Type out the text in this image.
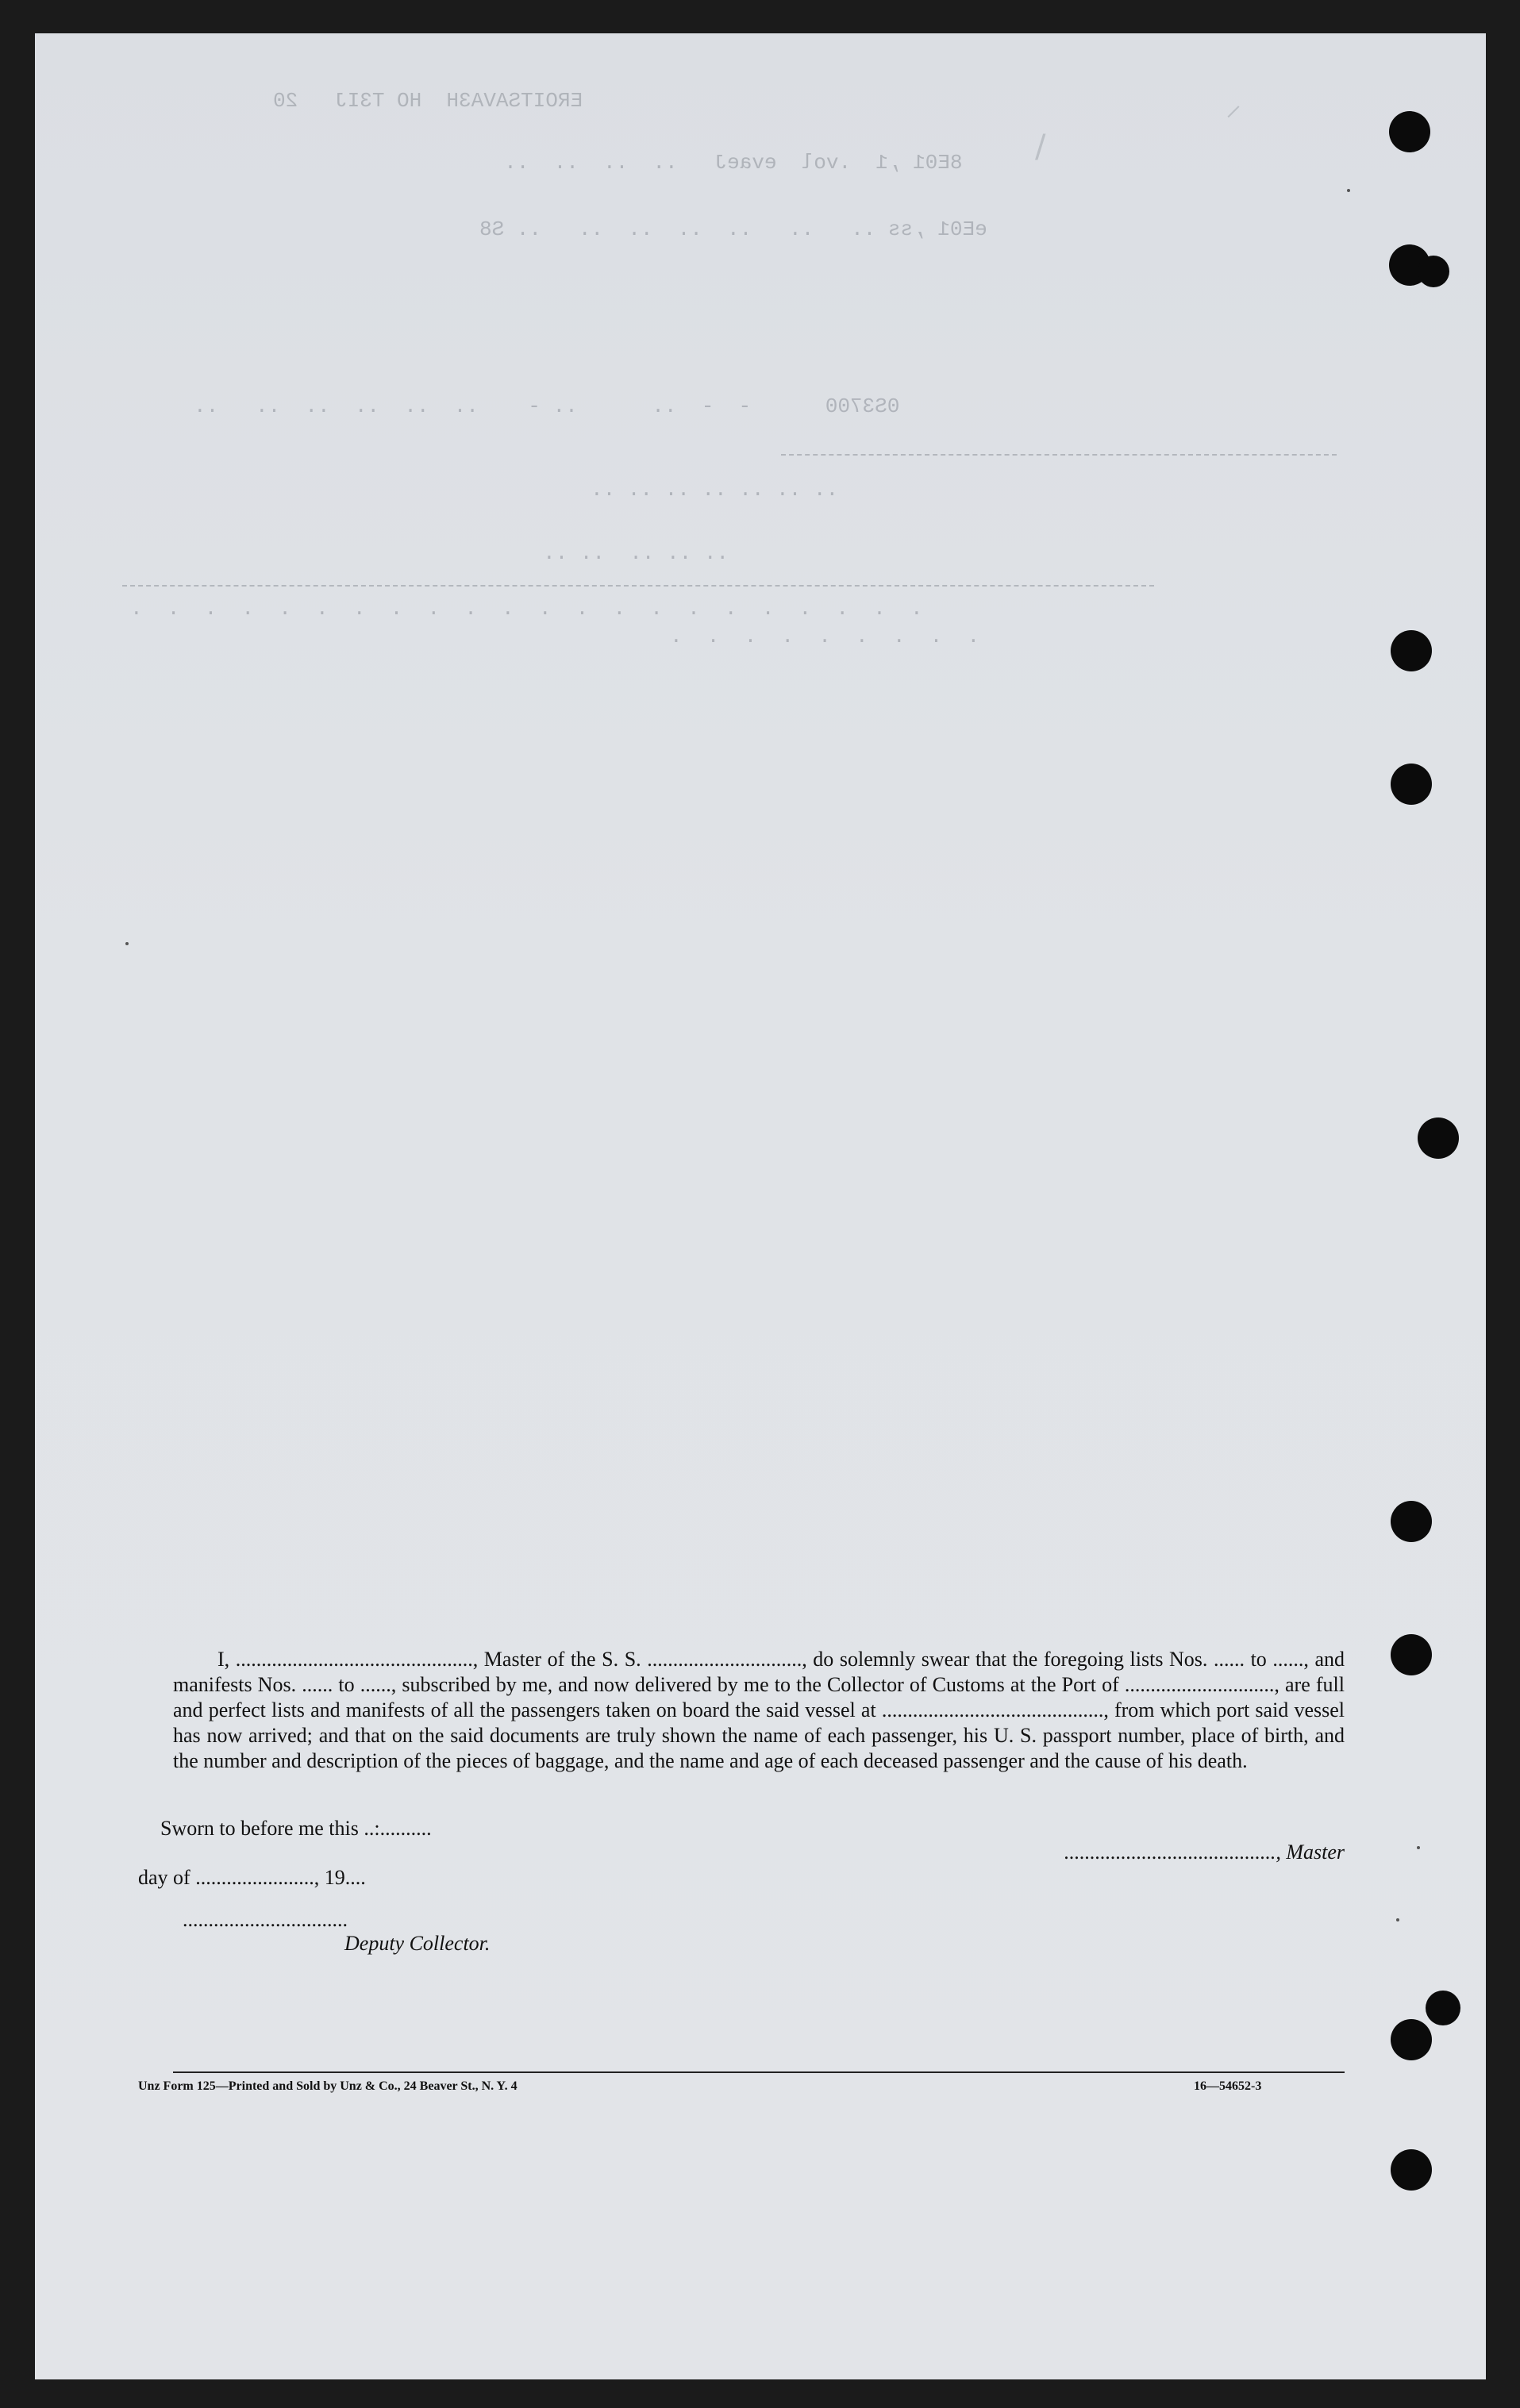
EROITSAVA3H  HO T3IJ   20
8E01 ,1  .vol  evaeJ   ..  ..  ..  ..
eE01 ,ss ..   ..   ..  ..  ..  ..   .. S8
0S3700      -  -  ..      .. -    ..  ..  ..  ..  ..   ..
.. .. .. .. .. .. ..
.. .. ..  .. ..
.  .  .  .  .  .  .  .  .  .  .  .  .  .  .  .  .  .  .  .  .  .
.  .  .  .  .  .  .  .  .
⸝
/

I, .............................................., Master of the S. S. .............................., do solemnly swear that the foregoing lists Nos. ...... to ......, and manifests Nos. ...... to ......, subscribed by me, and now delivered by me to the Collector of Customs at the Port of ............................., are full and perfect lists and manifests of all the passengers taken on board the said vessel at ..........................................., from which port said vessel has now arrived; and that on the said documents are truly shown the name of each passenger, his U. S. passport number, place of birth, and the number and description of the pieces of baggage, and the name and age of each deceased passenger and the cause of his death.

Sworn to before me this ..:..........

........................................., Master

day of ......................., 19....
................................
Deputy Collector.
Unz Form 125—Printed and Sold by Unz & Co., 24 Beaver St., N. Y. 4	16—54652-3
